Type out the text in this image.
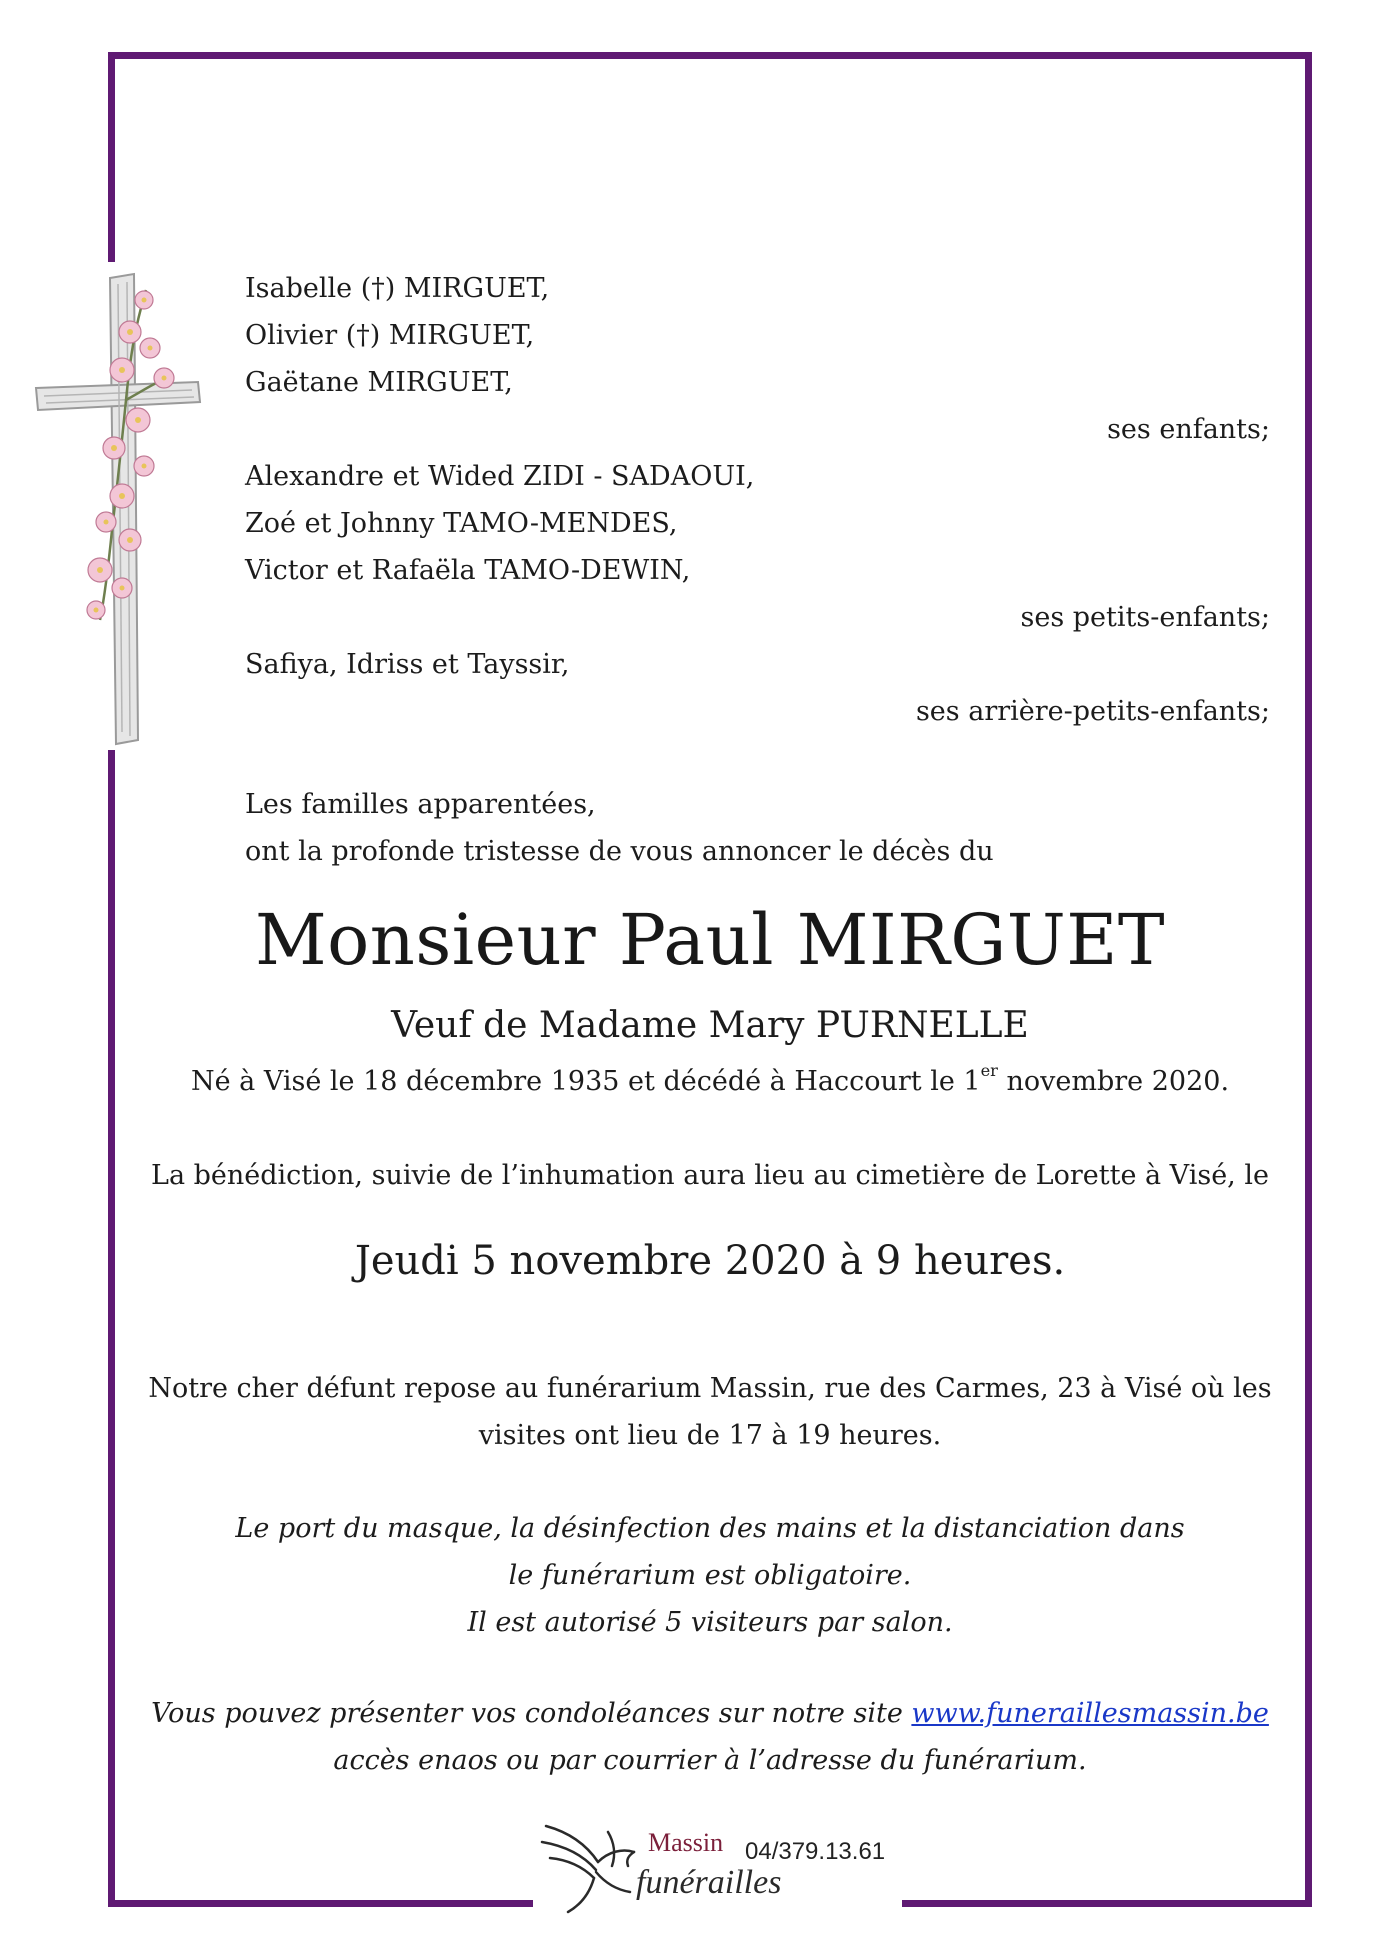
Isabelle (†) MIRGUET,
Olivier (†) MIRGUET,
Gaëtane MIRGUET,
ses enfants;
Alexandre et Wided ZIDI - SADAOUI,
Zoé et Johnny TAMO-MENDES,
Victor et Rafaëla TAMO-DEWIN,
ses petits-enfants;
Safiya, Idriss et Tayssir,
ses arrière-petits-enfants;
Les familles apparentées,
ont la profonde tristesse de vous annoncer le décès du
Monsieur Paul MIRGUET
Veuf de Madame Mary PURNELLE
Né à Visé le 18 décembre 1935 et décédé à Haccourt le 1er novembre 2020.
La bénédiction, suivie de l’inhumation aura lieu au cimetière de Lorette à Visé, le
Jeudi 5 novembre 2020 à 9 heures.
Notre cher défunt repose au funérarium Massin, rue des Carmes, 23 à Visé où les
visites ont lieu de 17 à 19 heures.
Le port du masque, la désinfection des mains et la distanciation dans
le funérarium est obligatoire.
Il est autorisé 5 visiteurs par salon.
Vous pouvez présenter vos condoléances sur notre site www.funeraillesmassin.be
accès enaos ou par courrier à l’adresse du funérarium.
Massin
funérailles
04/379.13.61
